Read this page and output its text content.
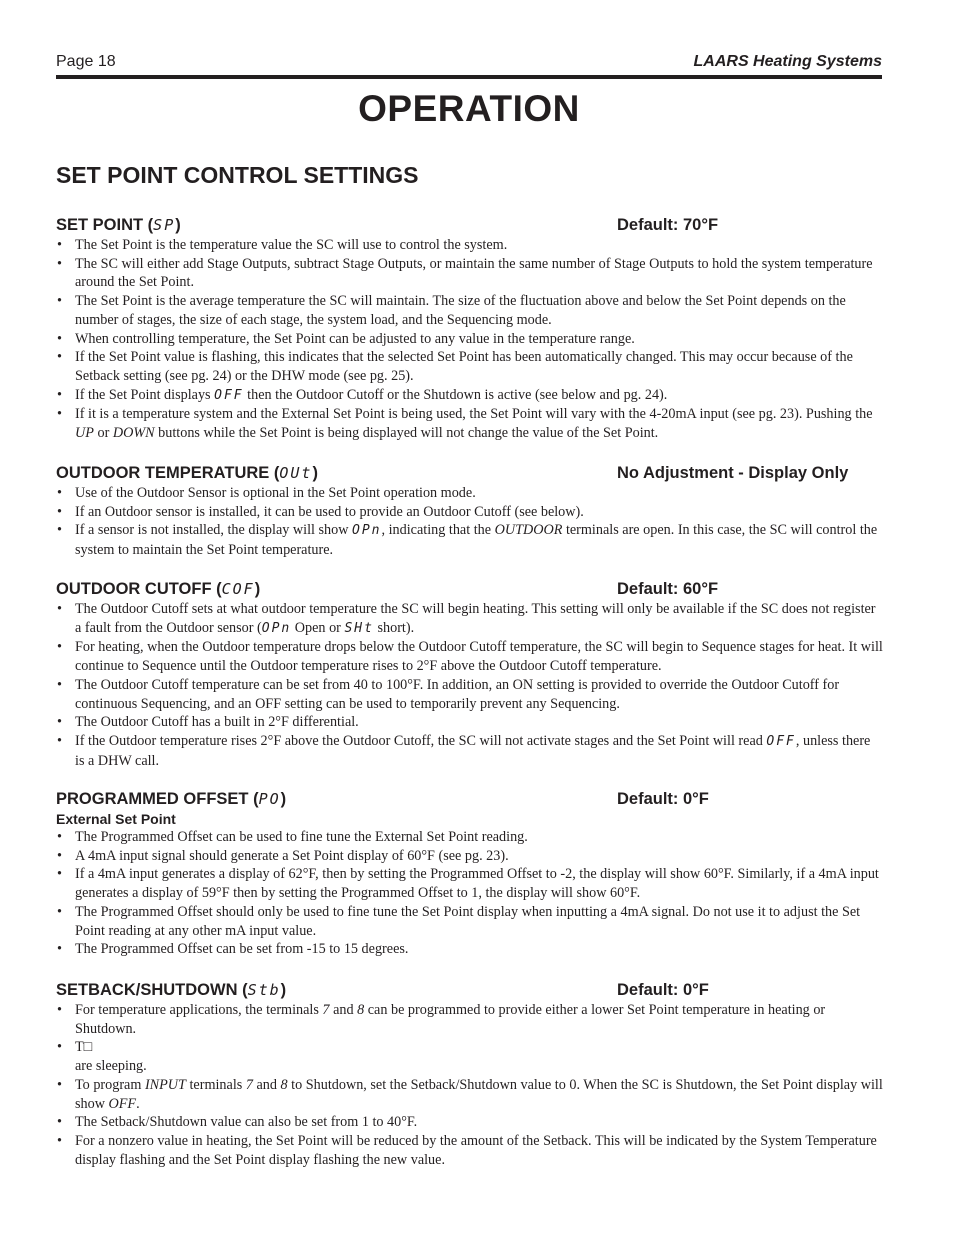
Page 18	LAARS Heating Systems
OPERATION
SET POINT CONTROL SETTINGS
SET POINT (SP)	Default: 70°F
• The Set Point is the temperature value the SC will use to control the system.
• The SC will either add Stage Outputs, subtract Stage Outputs, or maintain the same number of Stage Outputs to hold the system temperature around the Set Point.
• The Set Point is the average temperature the SC will maintain. The size of the fluctuation above and below the Set Point depends on the number of stages, the size of each stage, the system load, and the Sequencing mode.
• When controlling temperature, the Set Point can be adjusted to any value in the temperature range.
• If the Set Point value is flashing, this indicates that the selected Set Point has been automatically changed. This may occur because of the Setback setting (see pg. 24) or the DHW mode (see pg. 25).
• If the Set Point displays OFF then the Outdoor Cutoff or the Shutdown is active (see below and pg. 24).
• If it is a temperature system and the External Set Point is being used, the Set Point will vary with the 4-20mA input (see pg. 23). Pushing the UP or DOWN buttons while the Set Point is being displayed will not change the value of the Set Point.
OUTDOOR TEMPERATURE (OUt)	No Adjustment - Display Only
• Use of the Outdoor Sensor is optional in the Set Point operation mode.
• If an Outdoor sensor is installed, it can be used to provide an Outdoor Cutoff (see below).
• If a sensor is not installed, the display will show OPn, indicating that the OUTDOOR terminals are open. In this case, the SC will control the system to maintain the Set Point temperature.
OUTDOOR CUTOFF (COF)	Default: 60°F
• The Outdoor Cutoff sets at what outdoor temperature the SC will begin heating. This setting will only be available if the SC does not register a fault from the Outdoor sensor (OPn Open or SHt short).
• For heating, when the Outdoor temperature drops below the Outdoor Cutoff temperature, the SC will begin to Sequence stages for heat. It will continue to Sequence until the Outdoor temperature rises to 2°F above the Outdoor Cutoff temperature.
• The Outdoor Cutoff temperature can be set from 40 to 100°F. In addition, an ON setting is provided to override the Outdoor Cutoff for continuous Sequencing, and an OFF setting can be used to temporarily prevent any Sequencing.
• The Outdoor Cutoff has a built in 2°F differential.
• If the Outdoor temperature rises 2°F above the Outdoor Cutoff, the SC will not activate stages and the Set Point will read OFF, unless there is a DHW call.
PROGRAMMED OFFSET (PO)	Default: 0°F
External Set Point
• The Programmed Offset can be used to fine tune the External Set Point reading.
• A 4mA input signal should generate a Set Point display of 60°F (see pg. 23).
• If a 4mA input generates a display of 62°F, then by setting the Programmed Offset to -2, the display will show 60°F. Similarly, if a 4mA input generates a display of 59°F then by setting the Programmed Offset to 1, the display will show 60°F.
• The Programmed Offset should only be used to fine tune the Set Point display when inputting a 4mA signal. Do not use it to adjust the Set Point reading at any other mA input value.
• The Programmed Offset can be set from -15 to 15 degrees.
SETBACK/SHUTDOWN (Stb)	Default: 0°F
• For temperature applications, the terminals 7 and 8 can be programmed to provide either a lower Set Point temperature in heating or Shutdown.
• T□
are sleeping.
• To program INPUT terminals 7 and 8 to Shutdown, set the Setback/Shutdown value to 0. When the SC is Shutdown, the Set Point display will show OFF.
• The Setback/Shutdown value can also be set from 1 to 40°F.
• For a nonzero value in heating, the Set Point will be reduced by the amount of the Setback. This will be indicated by the System Temperature display flashing and the Set Point display flashing the new value.
